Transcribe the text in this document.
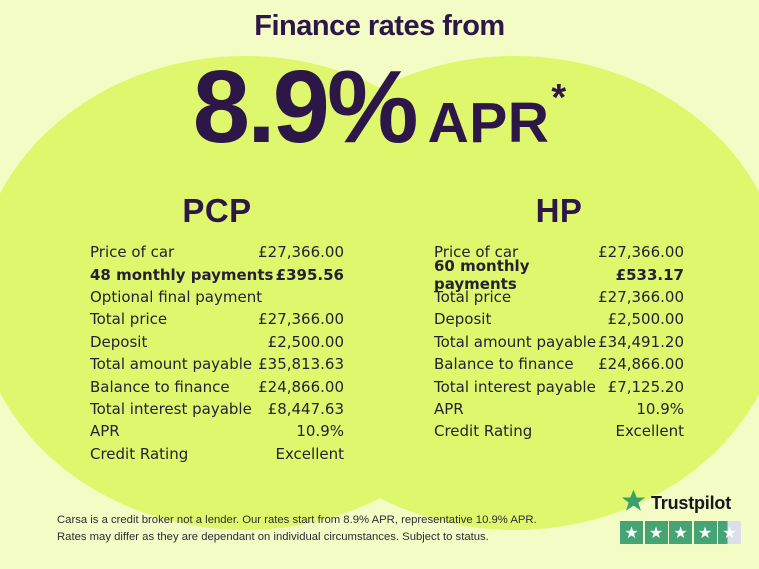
Finance rates from
8.9% APR *
PCP
Price of car	£27,366.00
48 monthly payments £395.56
Optional final payment
Total price	£27,366.00
Deposit	£2,500.00
Total amount payable £35,813.63
Balance to finance £24,866.00
Total interest payable £8,447.63
APR	10.9%
Credit Rating	Excellent
HP
Price of car	£27,366.00
60 monthly payments
£533.17
Total price	£27,366.00
Deposit	£2,500.00
Total amount payable £34,491.20
Balance to finance £24,866.00
Total interest payable £7,125.20
APR	10.9%
Credit Rating	Excellent
Carsa is a credit broker not a lender. Our rates start from 8.9% APR, representative 10.9% APR.
Rates may differ as they are dependant on individual circumstances. Subject to status.
Trustpilot
★ ★ ★ ★ ★
